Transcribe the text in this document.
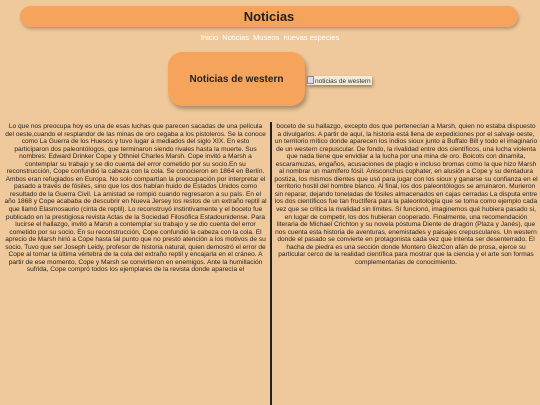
Noticias
Inicio Noticias Museos nuevas especies
Noticias de western	noticias de western

Lo que nos preocupa hoy es una de esas luchas que parecen sacadas de una película del oeste,cuando el resplandor de las minas de oro cegaba a los pistoleros. Se la conoce como La Guerra de los Huesos y tuvo lugar a mediados del siglo XIX. En esto participaron dos paleontólogos, que terminaron siendo rivales hasta la muerte. Sus nombres: Edward Drinker Cope y Othniel Charles Marsh. Cope invitó a Marsh a contemplar su trabajo y se dio cuenta del error cometido por su socio.En su reconstrucción, Cope confundió la cabeza con la cola. Se conocieron en 1864 en Berlín. Ambos eran refugiados en Europa. No solo compartían la preocupación por interpretar el pasado a través de fósiles, sino que los dos habían huido de Estados Unidos como resultado de la Guerra Civil. La amistad se rompió cuando regresaron a su país. En el año 1868 y Cope acababa de descubrir en Nueva Jersey los restos de un extraño reptil al que llamó Elasmosaurio (cinta de reptil). Lo reconstruyó instintivamente y el boceto fue publicado en la prestigiosa revista Actas de la Sociedad Filosófica Estadounidense. Para lucirse el hallazgo, invitó a Marsh a contemplar su trabajo y se dio cuenta del error cometido por su socio. En su reconstrucción, Cope confundió la cabeza con la cola. El aprecio de Marsh hirió a Cope hasta tal punto que no prestó atención a los motivos de su socio. Tuvo que ser Joseph Leidy, profesor de historia natural, quien demostró el error de Cope al tomar la última vértebra de la cola del extraño reptil y encajarla en el cráneo. A partir de ese momento, Cope y Marsh se convirtieron en enemigos. Ante la humillación sufrida, Cope compró todos los ejemplares de la revista donde aparecía el

boceto de su hallazgo, excepto dos que pertenecían a Marsh, quien no estaba dispuesto a divulgarlos. A partir de aquí, la historia está llena de expediciones por el salvaje oeste, un territorio mítico donde aparecen los indios sioux junto a Buffalo Bill y todo el imaginario de un western crepuscular. De fondo, la rivalidad entre dos científicos, una lucha violenta que nada tiene que envidiar a la lucha por una mina de oro. Boicots con dinamita, escaramuzas, engaños, acusaciones de plagio e incluso bromas como la que hizo Marsh al nombrar un mamífero fósil. Anisconchus cophater, en alusión a Cope y su dentadura postiza, los mismos dientes que usó para jugar con los sioux y ganarse su confianza en el territorio hostil del hombre blanco. Al final, los dos paleontólogos se arruinaron. Murieron sin reparar, dejando toneladas de fósiles almacenados en cajas cerradas La disputa entre los dos científicos fue tan fructífera para la paleontología que se toma como ejemplo cada vez que se critica la rivalidad sin límites. Sí funcionó, imaginemos qué hubiera pasado si, en lugar de competir, los dos hubieran cooperado. Finalmente, una recomendación literaria de Michael Crichton y su novela póstuma Diente de dragón (Plaza y Janés), que nos cuenta esta historia de aventuras, enemistades y paisajes crepusculares. Un western donde el pasado se convierte en protagonista cada vez que intenta ser desenterrado. El hacha de piedra es una sección donde Montero GlezCon afán de prosa, ejerce su particular cerco de la realidad científica para mostrar que la ciencia y el arte son formas complementarias de conocimiento.
